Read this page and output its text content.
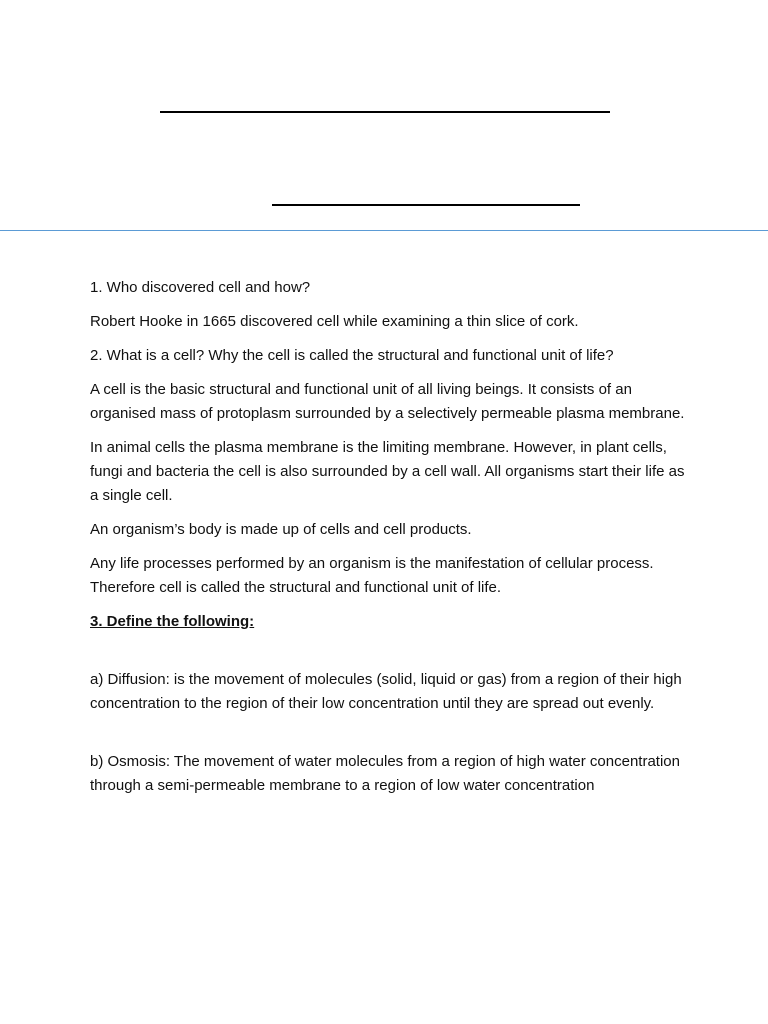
1. Who discovered cell and how?

Robert Hooke in 1665 discovered cell while examining a thin slice of cork.

2. What is a cell? Why the cell is called the structural and functional unit of life?

A cell is the basic structural and functional unit of all living beings. It consists of an organised mass of protoplasm surrounded by a selectively permeable plasma membrane.

In animal cells the plasma membrane is the limiting membrane. However, in plant cells, fungi and bacteria the cell is also surrounded by a cell wall. All organisms start their life as a single cell.

An organism’s body is made up of cells and cell products.

Any life processes performed by an organism is the manifestation of cellular process. Therefore cell is called the structural and functional unit of life.

3. Define the following:

a) Diffusion: is the movement of molecules (solid, liquid or gas) from a region of their high concentration to the region of their low concentration until they are spread out evenly.

b) Osmosis: The movement of water molecules from a region of high water concentration through a semi-permeable membrane to a region of low water concentration
